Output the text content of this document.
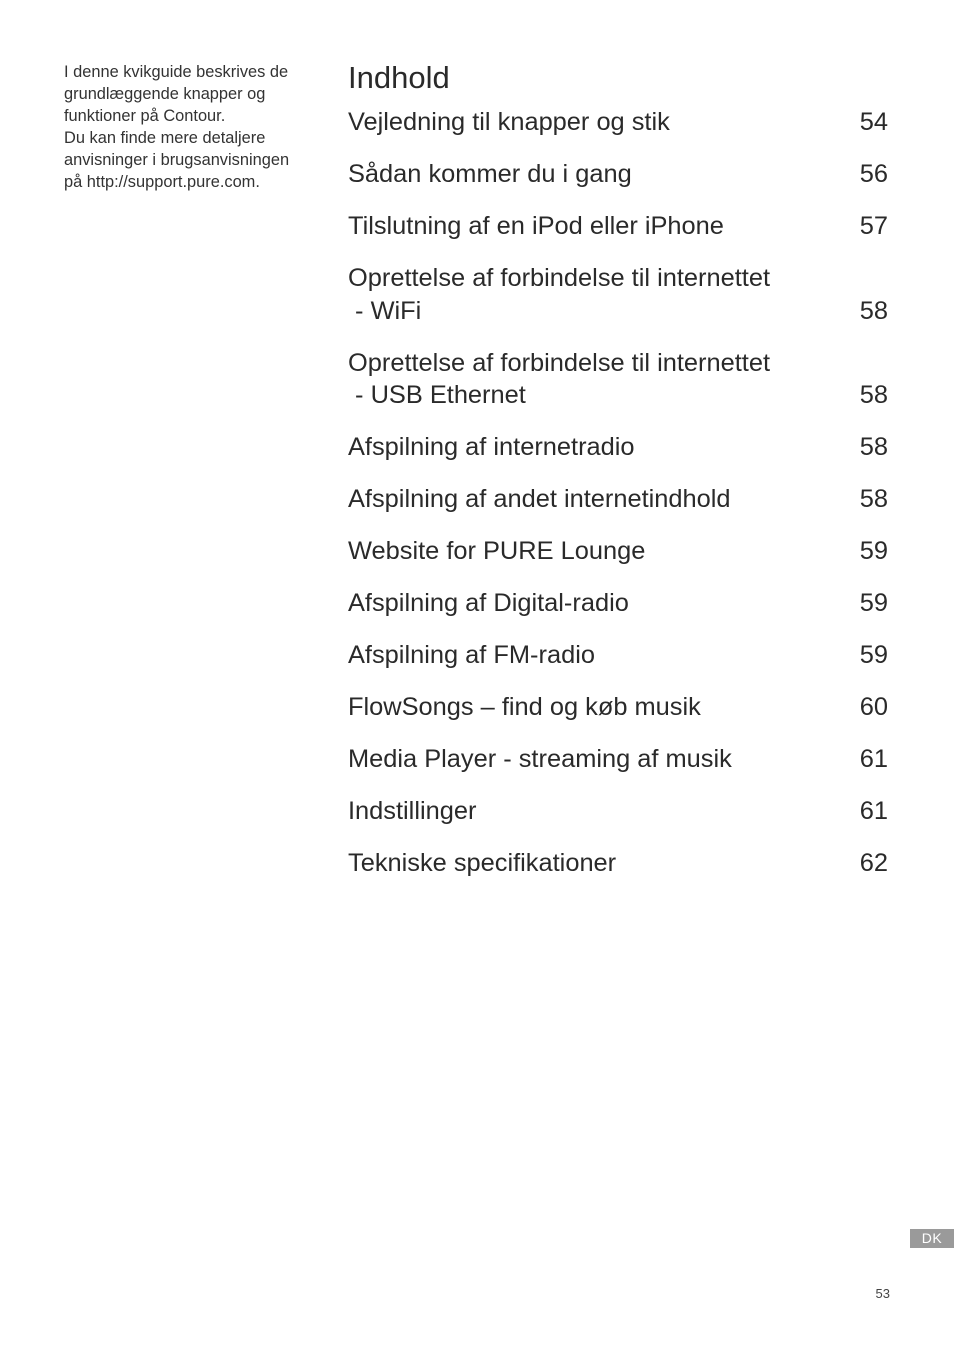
I denne kvikguide beskrives de
grundlæggende knapper og
funktioner på Contour.
Du kan finde mere detaljere
anvisninger i brugsanvisningen
på http://support.pure.com.
Indhold
Vejledning til knapper og stik	54
Sådan kommer du i gang	56
Tilslutning af en iPod eller iPhone	57
Oprettelse af forbindelse til internettet
- WiFi	58
Oprettelse af forbindelse til internettet
- USB Ethernet	58
Afspilning af internetradio	58
Afspilning af andet internetindhold	58
Website for PURE Lounge	59
Afspilning af Digital-radio	59
Afspilning af FM-radio	59
FlowSongs – find og køb musik	60
Media Player - streaming af musik	61
Indstillinger	61
Tekniske specifikationer	62
DK
53
